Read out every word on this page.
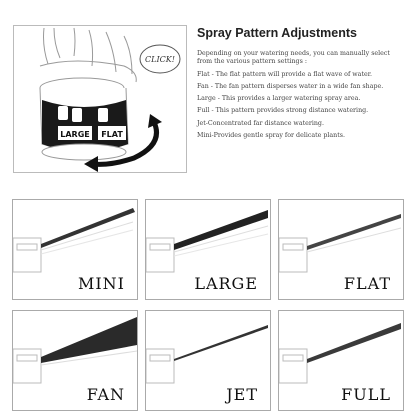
CLICK!
LARGE FLAT
Spray Pattern Adjustments

Depending on your watering needs, you can manually select from the various pattern settings :

Flat - The flat pattern will provide a flat wave of water.

Fan - The fan pattern disperses water in a wide fan shape.

Large - This provides a larger watering spray area.

Full - This pattern provides strong distance watering.

Jet-Concentrated far distance watering.

Mini-Provides gentle spray for delicate plants.

MINI	LARGE	FLAT
FAN	JET	FULL
